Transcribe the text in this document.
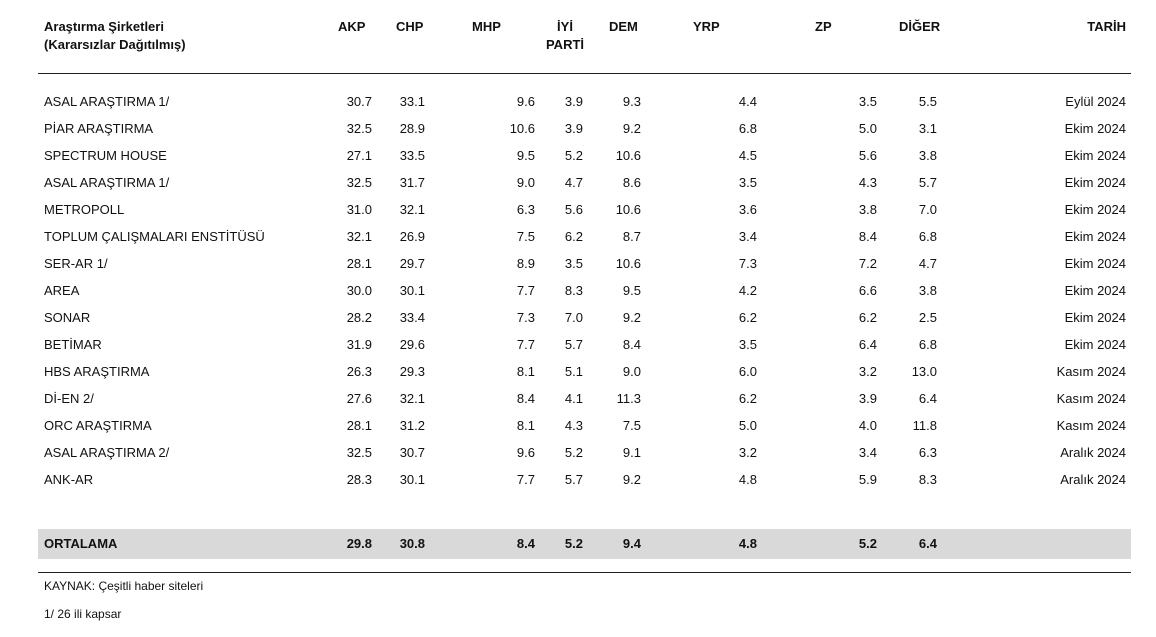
Araştırma Şirketleri
(Kararsızlar Dağıtılmış)
AKP CHP	MHP	İYİ
PARTİ
DEM	YRP	ZP	DİĞER	TARİH
ASAL ARAŞTIRMA 1/	30.7 33.1	9.6 3.9	9.3	4.4	3.5	5.5	Eylül 2024
PİAR ARAŞTIRMA	32.5 28.9	10.6 3.9	9.2	6.8	5.0	3.1	Ekim 2024
SPECTRUM HOUSE	27.1 33.5	9.5 5.2	10.6	4.5	5.6	3.8	Ekim 2024
ASAL ARAŞTIRMA 1/	32.5 31.7	9.0 4.7	8.6	3.5	4.3	5.7	Ekim 2024
METROPOLL	31.0 32.1	6.3 5.6	10.6	3.6	3.8	7.0	Ekim 2024
TOPLUM ÇALIŞMALARI ENSTİTÜSÜ	32.1 26.9	7.5 6.2	8.7	3.4	8.4	6.8	Ekim 2024
SER-AR 1/	28.1 29.7	8.9 3.5	10.6	7.3	7.2	4.7	Ekim 2024
AREA	30.0 30.1	7.7 8.3	9.5	4.2	6.6	3.8	Ekim 2024
SONAR	28.2 33.4	7.3 7.0	9.2	6.2	6.2	2.5	Ekim 2024
BETİMAR	31.9 29.6	7.7 5.7	8.4	3.5	6.4	6.8	Ekim 2024
HBS ARAŞTIRMA	26.3 29.3	8.1 5.1	9.0	6.0	3.2	13.0	Kasım 2024
Dİ-EN 2/	27.6 32.1	8.4 4.1	11.3	6.2	3.9	6.4	Kasım 2024
ORC ARAŞTIRMA	28.1 31.2	8.1 4.3	7.5	5.0	4.0	11.8	Kasım 2024
ASAL ARAŞTIRMA 2/	32.5 30.7	9.6 5.2	9.1	3.2	3.4	6.3	Aralık 2024
ANK-AR	28.3 30.1	7.7 5.7	9.2	4.8	5.9	8.3	Aralık 2024
ORTALAMA	29.8 30.8	8.4 5.2	9.4	4.8	5.2	6.4
KAYNAK: Çeşitli haber siteleri
1/ 26 ili kapsar
